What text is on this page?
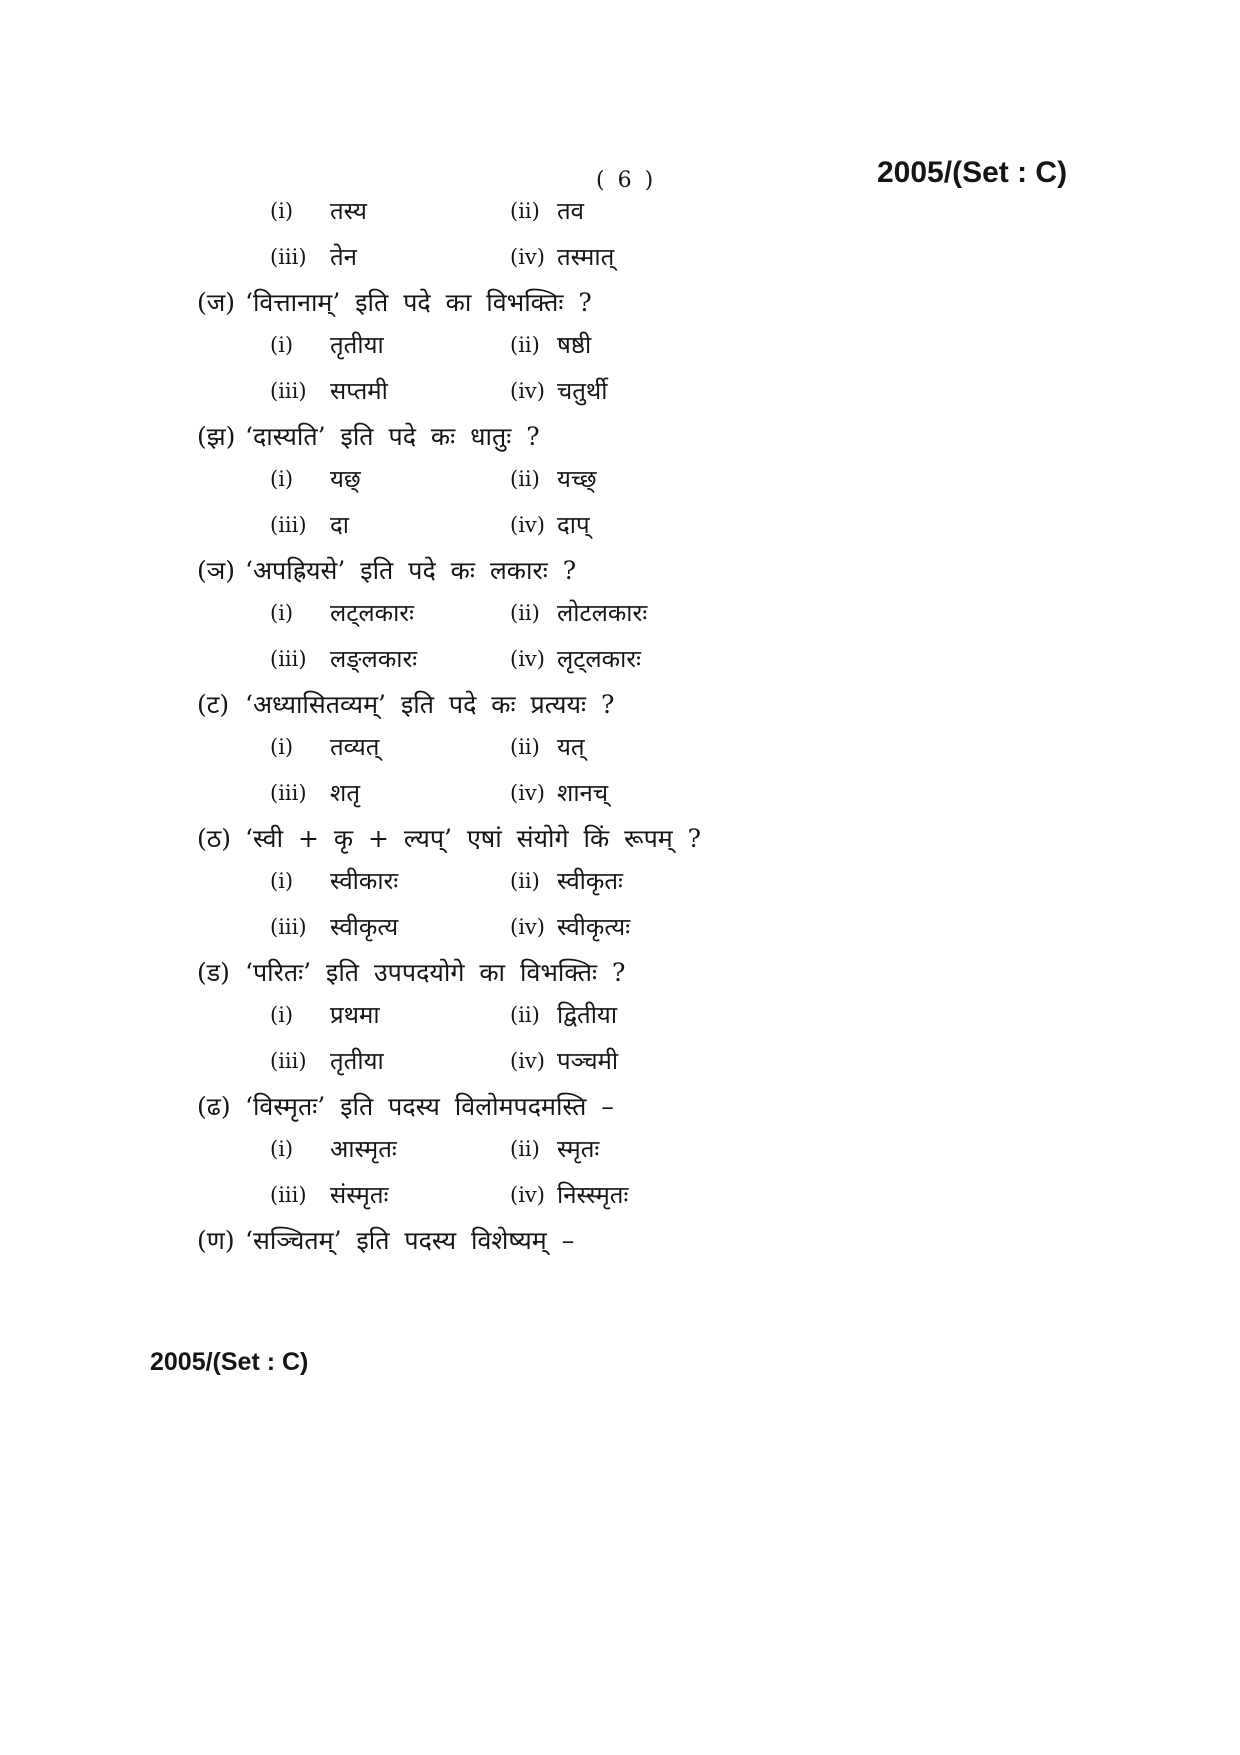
( 6 )	2005/(Set : C)
(i)	तस्य	(ii) तव
(iii) तेन	(iv) तस्मात्
(ज) ‘वित्तानाम्’ इति पदे का विभक्तिः ?
(i)	तृतीया	(ii) षष्ठी
(iii) सप्तमी	(iv) चतुर्थी
(झ) ‘दास्यति’ इति पदे कः धातुः ?
(i)	यछ्	(ii) यच्छ्
(iii) दा	(iv) दाप्
(ञ) ‘अपह्रियसे’ इति पदे कः लकारः ?
(i)	लट्लकारः	(ii) लोटलकारः
(iii) लङ्लकारः	(iv) लृट्लकारः
(ट) ‘अध्यासितव्यम्’ इति पदे कः प्रत्ययः ?
(i)	तव्यत्	(ii) यत्
(iii) शतृ	(iv) शानच्
(ठ) ‘स्वी + कृ + ल्यप्’ एषां संयोगे किं रूपम् ?
(i)	स्वीकारः	(ii) स्वीकृतः
(iii) स्वीकृत्य	(iv) स्वीकृत्यः
(ड) ‘परितः’ इति उपपदयोगे का विभक्तिः ?
(i)	प्रथमा	(ii) द्वितीया
(iii) तृतीया	(iv) पञ्चमी
(ढ) ‘विस्मृतः’ इति पदस्य विलोमपदमस्ति –
(i)	आस्मृतः	(ii) स्मृतः
(iii) संस्मृतः	(iv) निस्स्मृतः
(ण) ‘सञ्चितम्’ इति पदस्य विशेष्यम् –
2005/(Set : C)
